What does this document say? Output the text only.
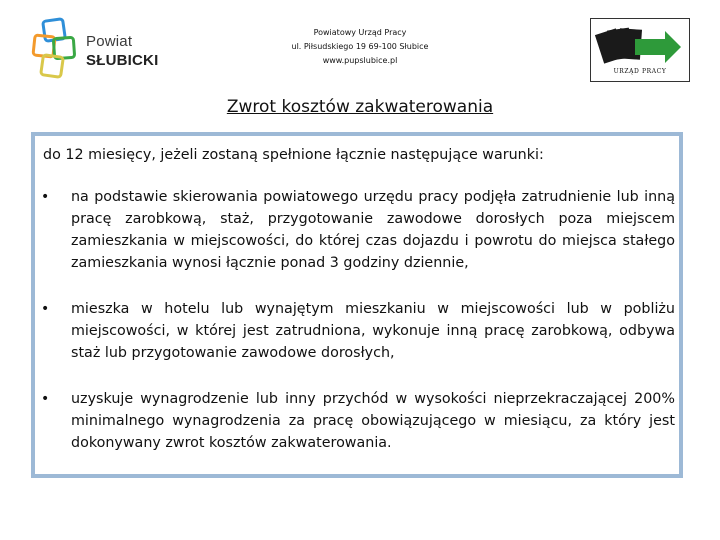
Powiat
SŁUBICKI
Powiatowy Urząd Pracy
ul. Piłsudskiego 19 69-100 Słubice
www.pupslubice.pl
URZĄD PRACY
Zwrot kosztów zakwaterowania
do 12 miesięcy, jeżeli zostaną spełnione łącznie następujące warunki:
• na podstawie skierowania powiatowego urzędu pracy podjęła zatrudnienie lub inną pracę zarobkową, staż, przygotowanie zawodowe dorosłych poza miejscem zamieszkania w miejscowości, do której czas dojazdu i powrotu do miejsca stałego zamieszkania wynosi łącznie ponad 3 godziny dziennie,
• mieszka w hotelu lub wynajętym mieszkaniu w miejscowości lub w pobliżu miejscowości, w której jest zatrudniona, wykonuje inną pracę zarobkową, odbywa staż lub przygotowanie zawodowe dorosłych,
• uzyskuje wynagrodzenie lub inny przychód w wysokości nieprzekraczającej 200% minimalnego wynagrodzenia za pracę obowiązującego w miesiącu, za który jest dokonywany zwrot kosztów zakwaterowania.
